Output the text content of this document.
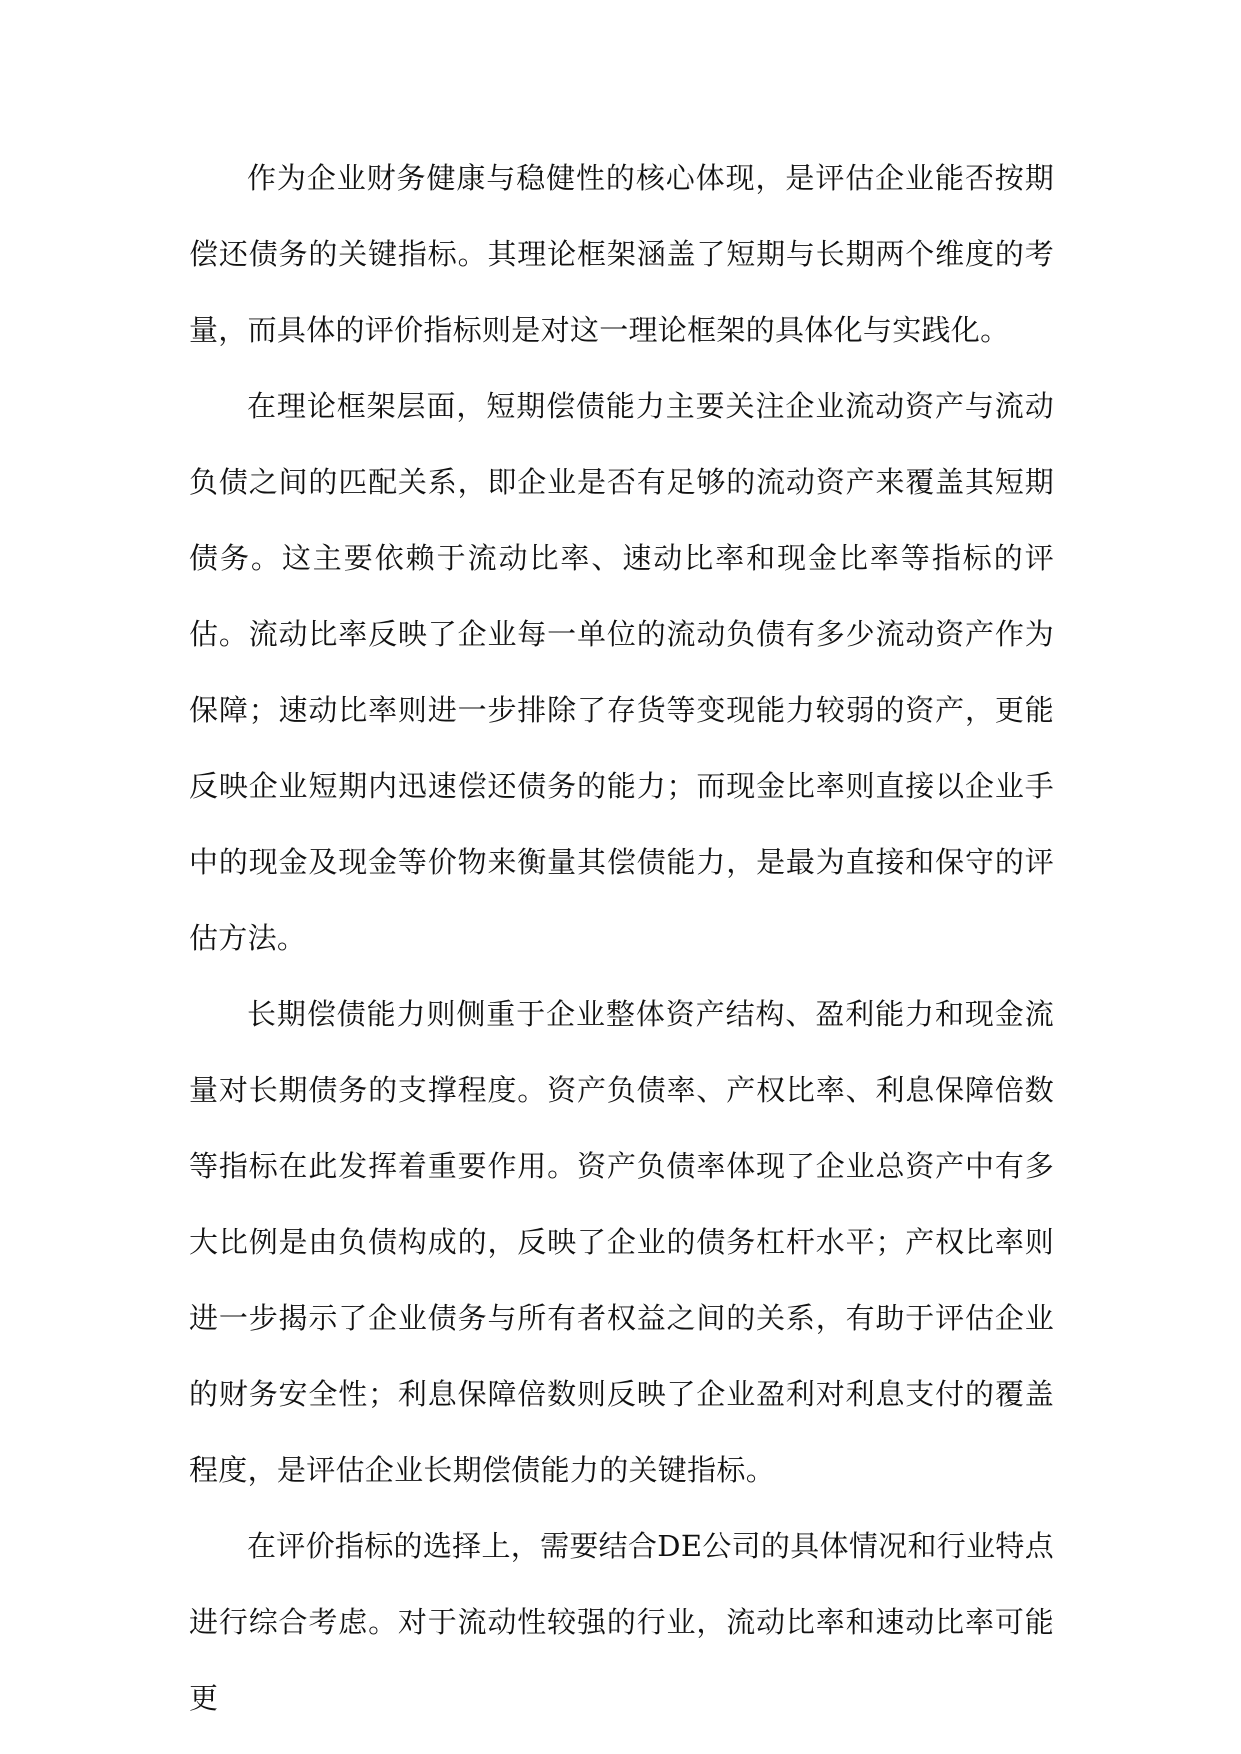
作为企业财务健康与稳健性的核心体现，是评估企业能否按期偿还债务的关键指标。其理论框架涵盖了短期与长期两个维度的考量，而具体的评价指标则是对这一理论框架的具体化与实践化。

在理论框架层面，短期偿债能力主要关注企业流动资产与流动负债之间的匹配关系，即企业是否有足够的流动资产来覆盖其短期债务。这主要依赖于流动比率、速动比率和现金比率等指标的评估。流动比率反映了企业每一单位的流动负债有多少流动资产作为保障；速动比率则进一步排除了存货等变现能力较弱的资产，更能反映企业短期内迅速偿还债务的能力；而现金比率则直接以企业手中的现金及现金等价物来衡量其偿债能力，是最为直接和保守的评估方法。

长期偿债能力则侧重于企业整体资产结构、盈利能力和现金流量对长期债务的支撑程度。资产负债率、产权比率、利息保障倍数等指标在此发挥着重要作用。资产负债率体现了企业总资产中有多大比例是由负债构成的，反映了企业的债务杠杆水平；产权比率则进一步揭示了企业债务与所有者权益之间的关系，有助于评估企业的财务安全性；利息保障倍数则反映了企业盈利对利息支付的覆盖程度，是评估企业长期偿债能力的关键指标。

在评价指标的选择上，需要结合DE公司的具体情况和行业特点进行综合考虑。对于流动性较强的行业，流动比率和速动比率可能更
